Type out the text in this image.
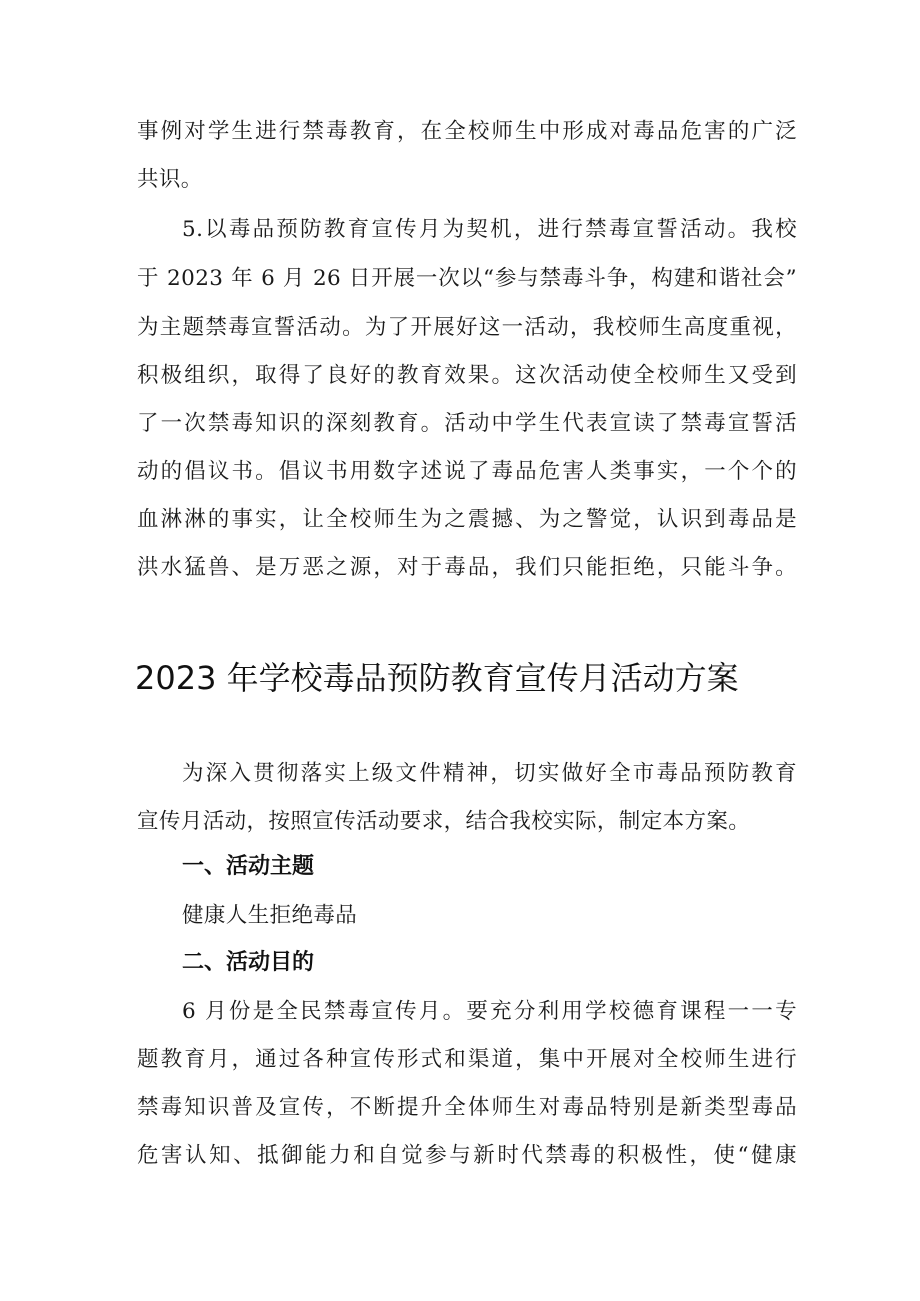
事例对学生进行禁毒教育，在全校师生中形成对毒品危害的广泛
共识。
5.以毒品预防教育宣传月为契机，进行禁毒宣誓活动。我校
于 2023 年 6 月 26 日开展一次以“参与禁毒斗争，构建和谐社会”
为主题禁毒宣誓活动。为了开展好这一活动，我校师生高度重视，
积极组织，取得了良好的教育效果。这次活动使全校师生又受到
了一次禁毒知识的深刻教育。活动中学生代表宣读了禁毒宣誓活
动的倡议书。倡议书用数字述说了毒品危害人类事实，一个个的
血淋淋的事实，让全校师生为之震撼、为之警觉，认识到毒品是
洪水猛兽、是万恶之源，对于毒品，我们只能拒绝，只能斗争。
2023 年学校毒品预防教育宣传月活动方案
为深入贯彻落实上级文件精神，切实做好全市毒品预防教育
宣传月活动，按照宣传活动要求，结合我校实际，制定本方案。
一、活动主题
健康人生拒绝毒品
二、活动目的
6 月份是全民禁毒宣传月。要充分利用学校德育课程一一专
题教育月，通过各种宣传形式和渠道，集中开展对全校师生进行
禁毒知识普及宣传，不断提升全体师生对毒品特别是新类型毒品
危害认知、抵御能力和自觉参与新时代禁毒的积极性，使“健康
